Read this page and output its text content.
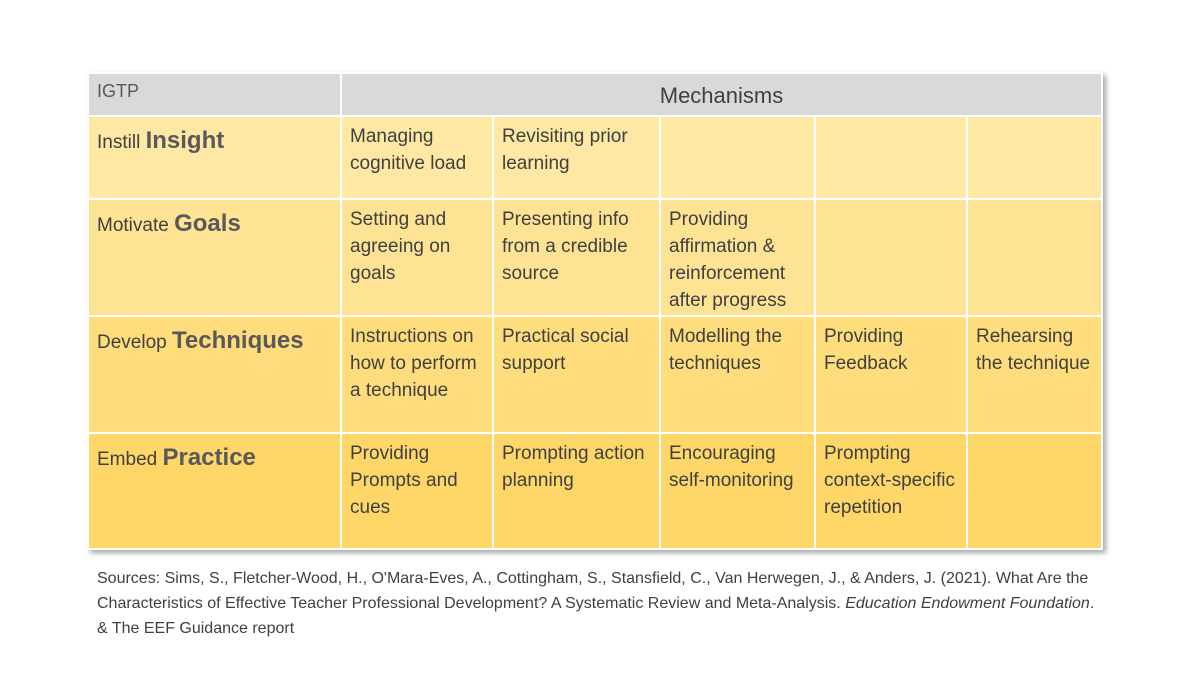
IGTP	Mechanisms				
Instill Insight	Managing cognitive load	Revisiting prior learning			
Motivate Goals	Setting and agreeing on goals	Presenting info from a credible source	Providing affirmation & reinforcement after progress		
Develop Techniques	Instructions on how to perform a technique	Practical social support	Modelling the techniques	Providing Feedback	Rehearsing the technique
Embed Practice	Providing Prompts and cues	Prompting action planning	Encouraging self-monitoring	Prompting context-specific repetition	
Sources: Sims, S., Fletcher-Wood, H., O'Mara-Eves, A., Cottingham, S., Stansfield, C., Van Herwegen, J., & Anders, J. (2021). What Are the Characteristics of Effective Teacher Professional Development? A Systematic Review and Meta-Analysis. Education Endowment Foundation. & The EEF Guidance report
